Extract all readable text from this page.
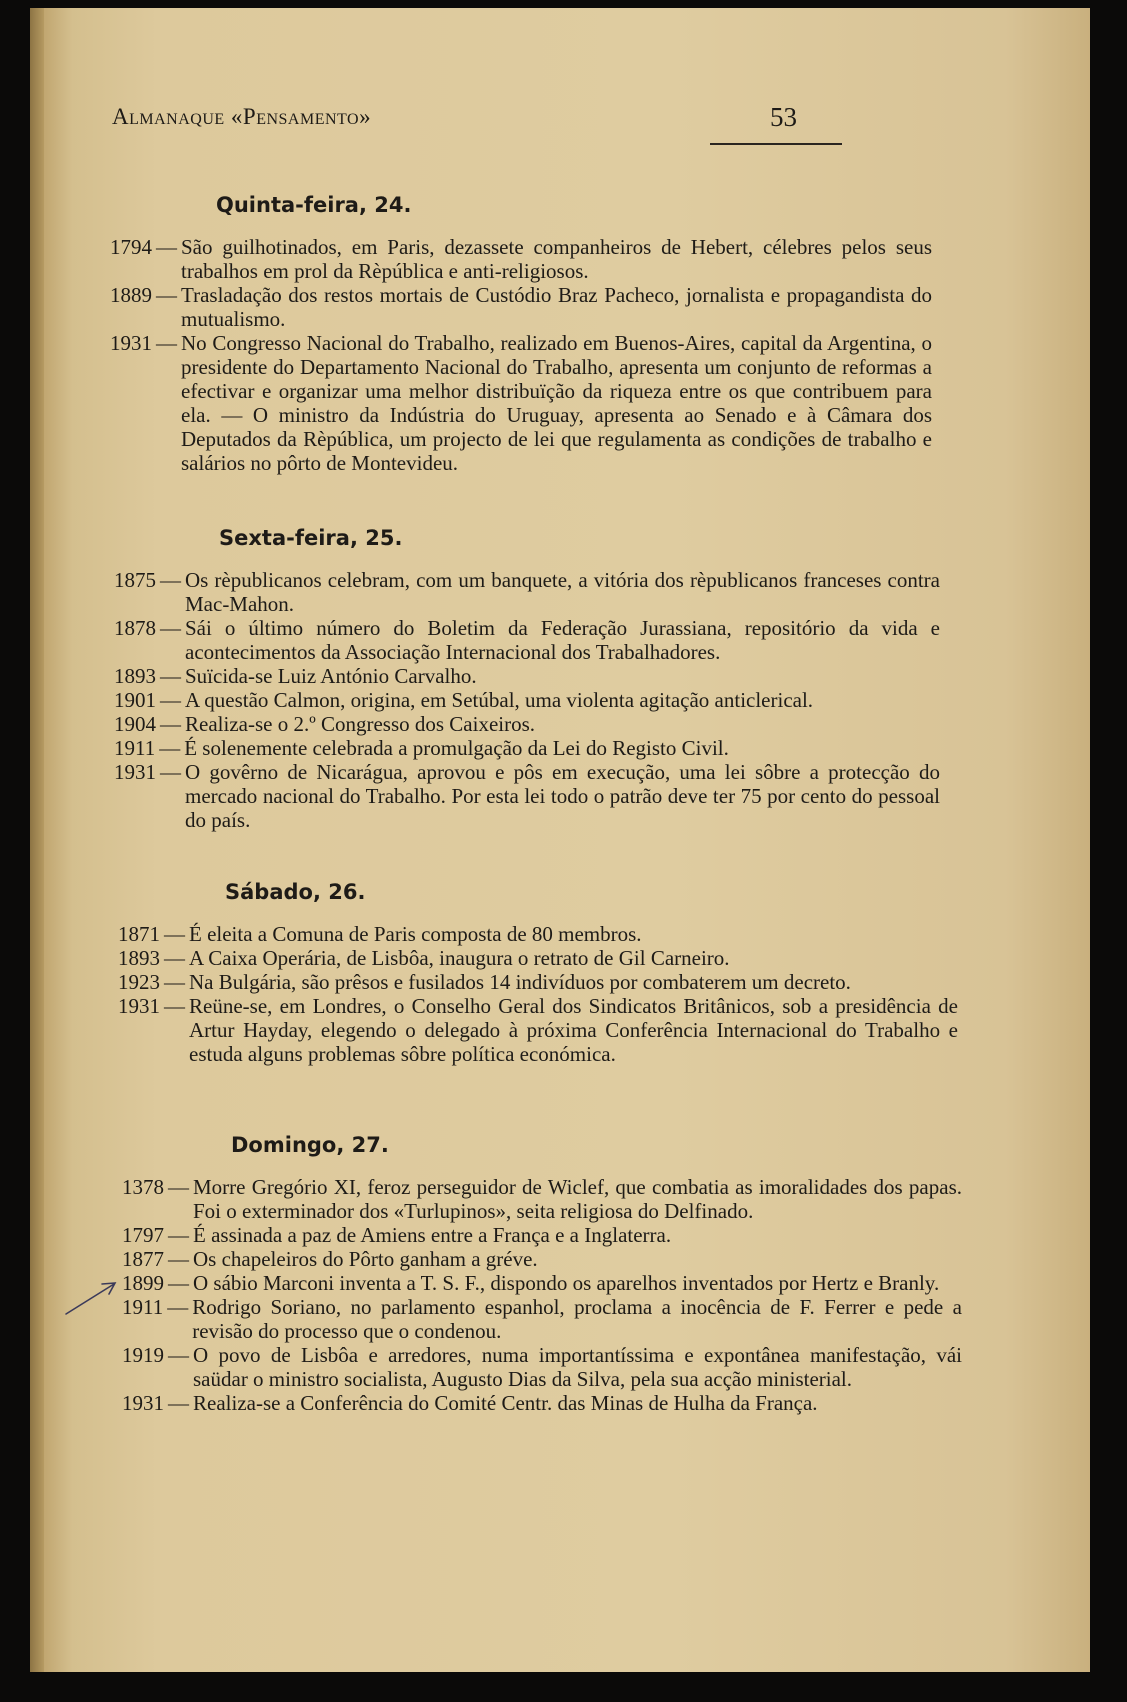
Almanaque «Pensamento»	53
Quinta-feira, 24.
1794 — São guilhotinados, em Paris, dezassete companheiros de Hebert, célebres pelos seus trabalhos em prol da Rèpública e anti-religiosos.
1889 — Trasladação dos restos mortais de Custódio Braz Pacheco, jornalista e propagandista do mutualismo.
1931 — No Congresso Nacional do Trabalho, realizado em Buenos-Aires, capital da Argentina, o presidente do Departamento Nacional do Trabalho, apresenta um conjunto de reformas a efectivar e organizar uma melhor distribuïção da riqueza entre os que contribuem para ela. — O ministro da Indústria do Uruguay, apresenta ao Senado e à Câmara dos Deputados da Rèpública, um projecto de lei que regulamenta as condições de trabalho e salários no pôrto de Montevideu.
Sexta-feira, 25.
1875 — Os rèpublicanos celebram, com um banquete, a vitória dos rèpublicanos franceses contra Mac-Mahon.
1878 — Sái o último número do Boletim da Federação Jurassiana, repositório da vida e acontecimentos da Associação Internacional dos Trabalhadores.
1893 — Suïcida-se Luiz António Carvalho.
1901 — A questão Calmon, origina, em Setúbal, uma violenta agitação anticlerical.
1904 — Realiza-se o 2.º Congresso dos Caixeiros.
1911 — É solenemente celebrada a promulgação da Lei do Registo Civil.
1931 — O govêrno de Nicarágua, aprovou e pôs em execução, uma lei sôbre a protecção do mercado nacional do Trabalho. Por esta lei todo o patrão deve ter 75 por cento do pessoal do país.
Sábado, 26.
1871 — É eleita a Comuna de Paris composta de 80 membros.
1893 — A Caixa Operária, de Lisbôa, inaugura o retrato de Gil Carneiro.
1923 — Na Bulgária, são prêsos e fusilados 14 indivíduos por combaterem um decreto.
1931 — Reüne-se, em Londres, o Conselho Geral dos Sindicatos Britânicos, sob a presidência de Artur Hayday, elegendo o delegado à próxima Conferência Internacional do Trabalho e estuda alguns problemas sôbre política económica.
Domingo, 27.
1378 — Morre Gregório XI, feroz perseguidor de Wiclef, que combatia as imoralidades dos papas. Foi o exterminador dos «Turlupinos», seita religiosa do Delfinado.
1797 — É assinada a paz de Amiens entre a França e a Inglaterra.
1877 — Os chapeleiros do Pôrto ganham a gréve.
1899 — O sábio Marconi inventa a T. S. F., dispondo os aparelhos inventados por Hertz e Branly.
1911 — Rodrigo Soriano, no parlamento espanhol, proclama a inocência de F. Ferrer e pede a revisão do processo que o condenou.
1919 — O povo de Lisbôa e arredores, numa importantíssima e expontânea manifestação, vái saüdar o ministro socialista, Augusto Dias da Silva, pela sua acção ministerial.
1931 — Realiza-se a Conferência do Comité Centr. das Minas de Hulha da França.
